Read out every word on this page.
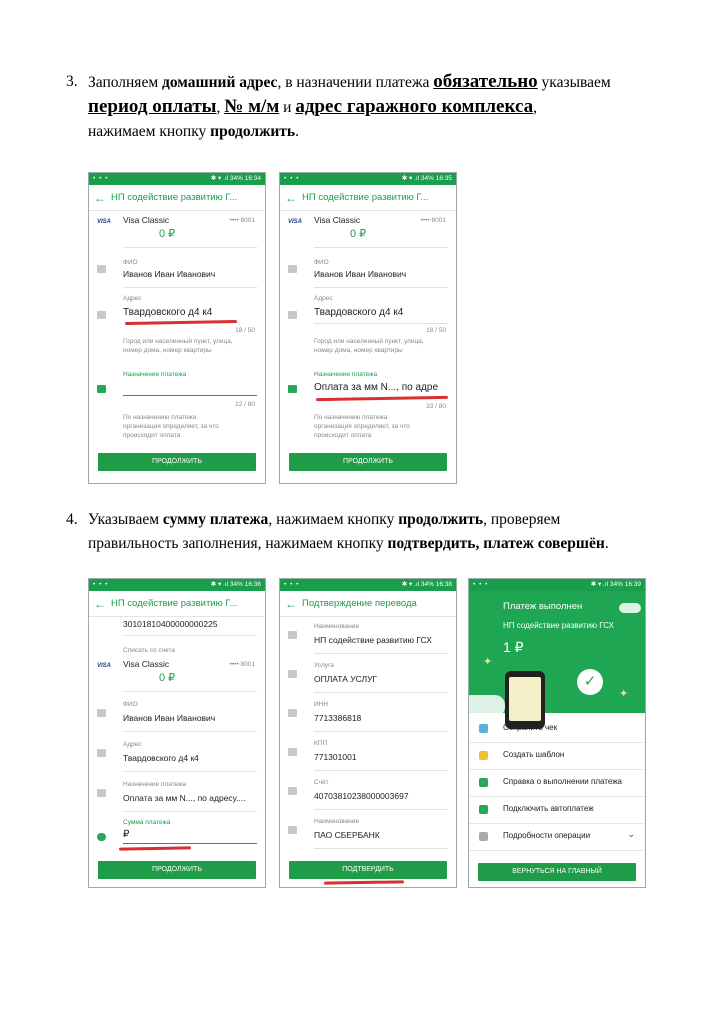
3. Заполняем домашний адрес, в назначении платежа обязательно указываем
период оплаты, № м/м и адрес гаражного комплекса,
нажимаем кнопку продолжить.
• • •	✱ ▾ .ıl 34% 16:34
← НП содействие развитию Г...
VISA Visa Classic	•••• 8001
0 ₽
ФИО
Иванов Иван Иванович
Адрес
Твардовского д4 к4
18 / 50
Город или населенный пункт, улица,
номер дома, номер квартиры
Назначение платежа
22 / 80
По назначению платежа
организация определяет, за что
происходит оплата
ПРОДОЛЖИТЬ
• • •	✱ ▾ .ıl 34% 16:35
← НП содействие развитию Г...
VISA Visa Classic	•••• 8001
0 ₽
ФИО
Иванов Иван Иванович
Адрес
Твардовского д4 к4
18 / 50
Город или населенный пункт, улица,
номер дома, номер квартиры
Назначение платежа
Оплата за мм N..., по адре
33 / 80
По назначению платежа
организация определяет, за что
происходит оплата
ПРОДОЛЖИТЬ
4. Указываем сумму платежа, нажимаем кнопку продолжить, проверяем
правильность заполнения, нажимаем кнопку подтвердить, платеж совершён.
• • •	✱ ▾ .ıl 34% 16:36
← НП содействие развитию Г...
30101810400000000225
Списать со счета
VISA Visa Classic	•••• 8001
0 ₽
ФИО
Иванов Иван Иванович
Адрес
Твардовского д4 к4
Назначение платежа
Оплата за мм N..., по адресу....
Сумма платежа
₽
ПРОДОЛЖИТЬ
• • •	✱ ▾ .ıl 34% 16:38
← Подтверждение перевода
Наименование
НП содействие развитию ГСХ
Услуга
ОПЛАТА УСЛУГ
ИНН
7713386818
КПП
771301001
Счёт
40703810238000003697
Наименование
ПАО СБЕРБАНК
ПОДТВЕРДИТЬ
• • •	✱ ▾ .ıl 34% 16:39
Платеж выполнен
НП содействие развитию ГСХ
1 ₽
✦
✦
✓
Сохранить чек
Создать шаблон
Справка о выполнении платежа
Подключить автоплатеж
Подробности операции	⌄
ВЕРНУТЬСЯ НА ГЛАВНЫЙ
